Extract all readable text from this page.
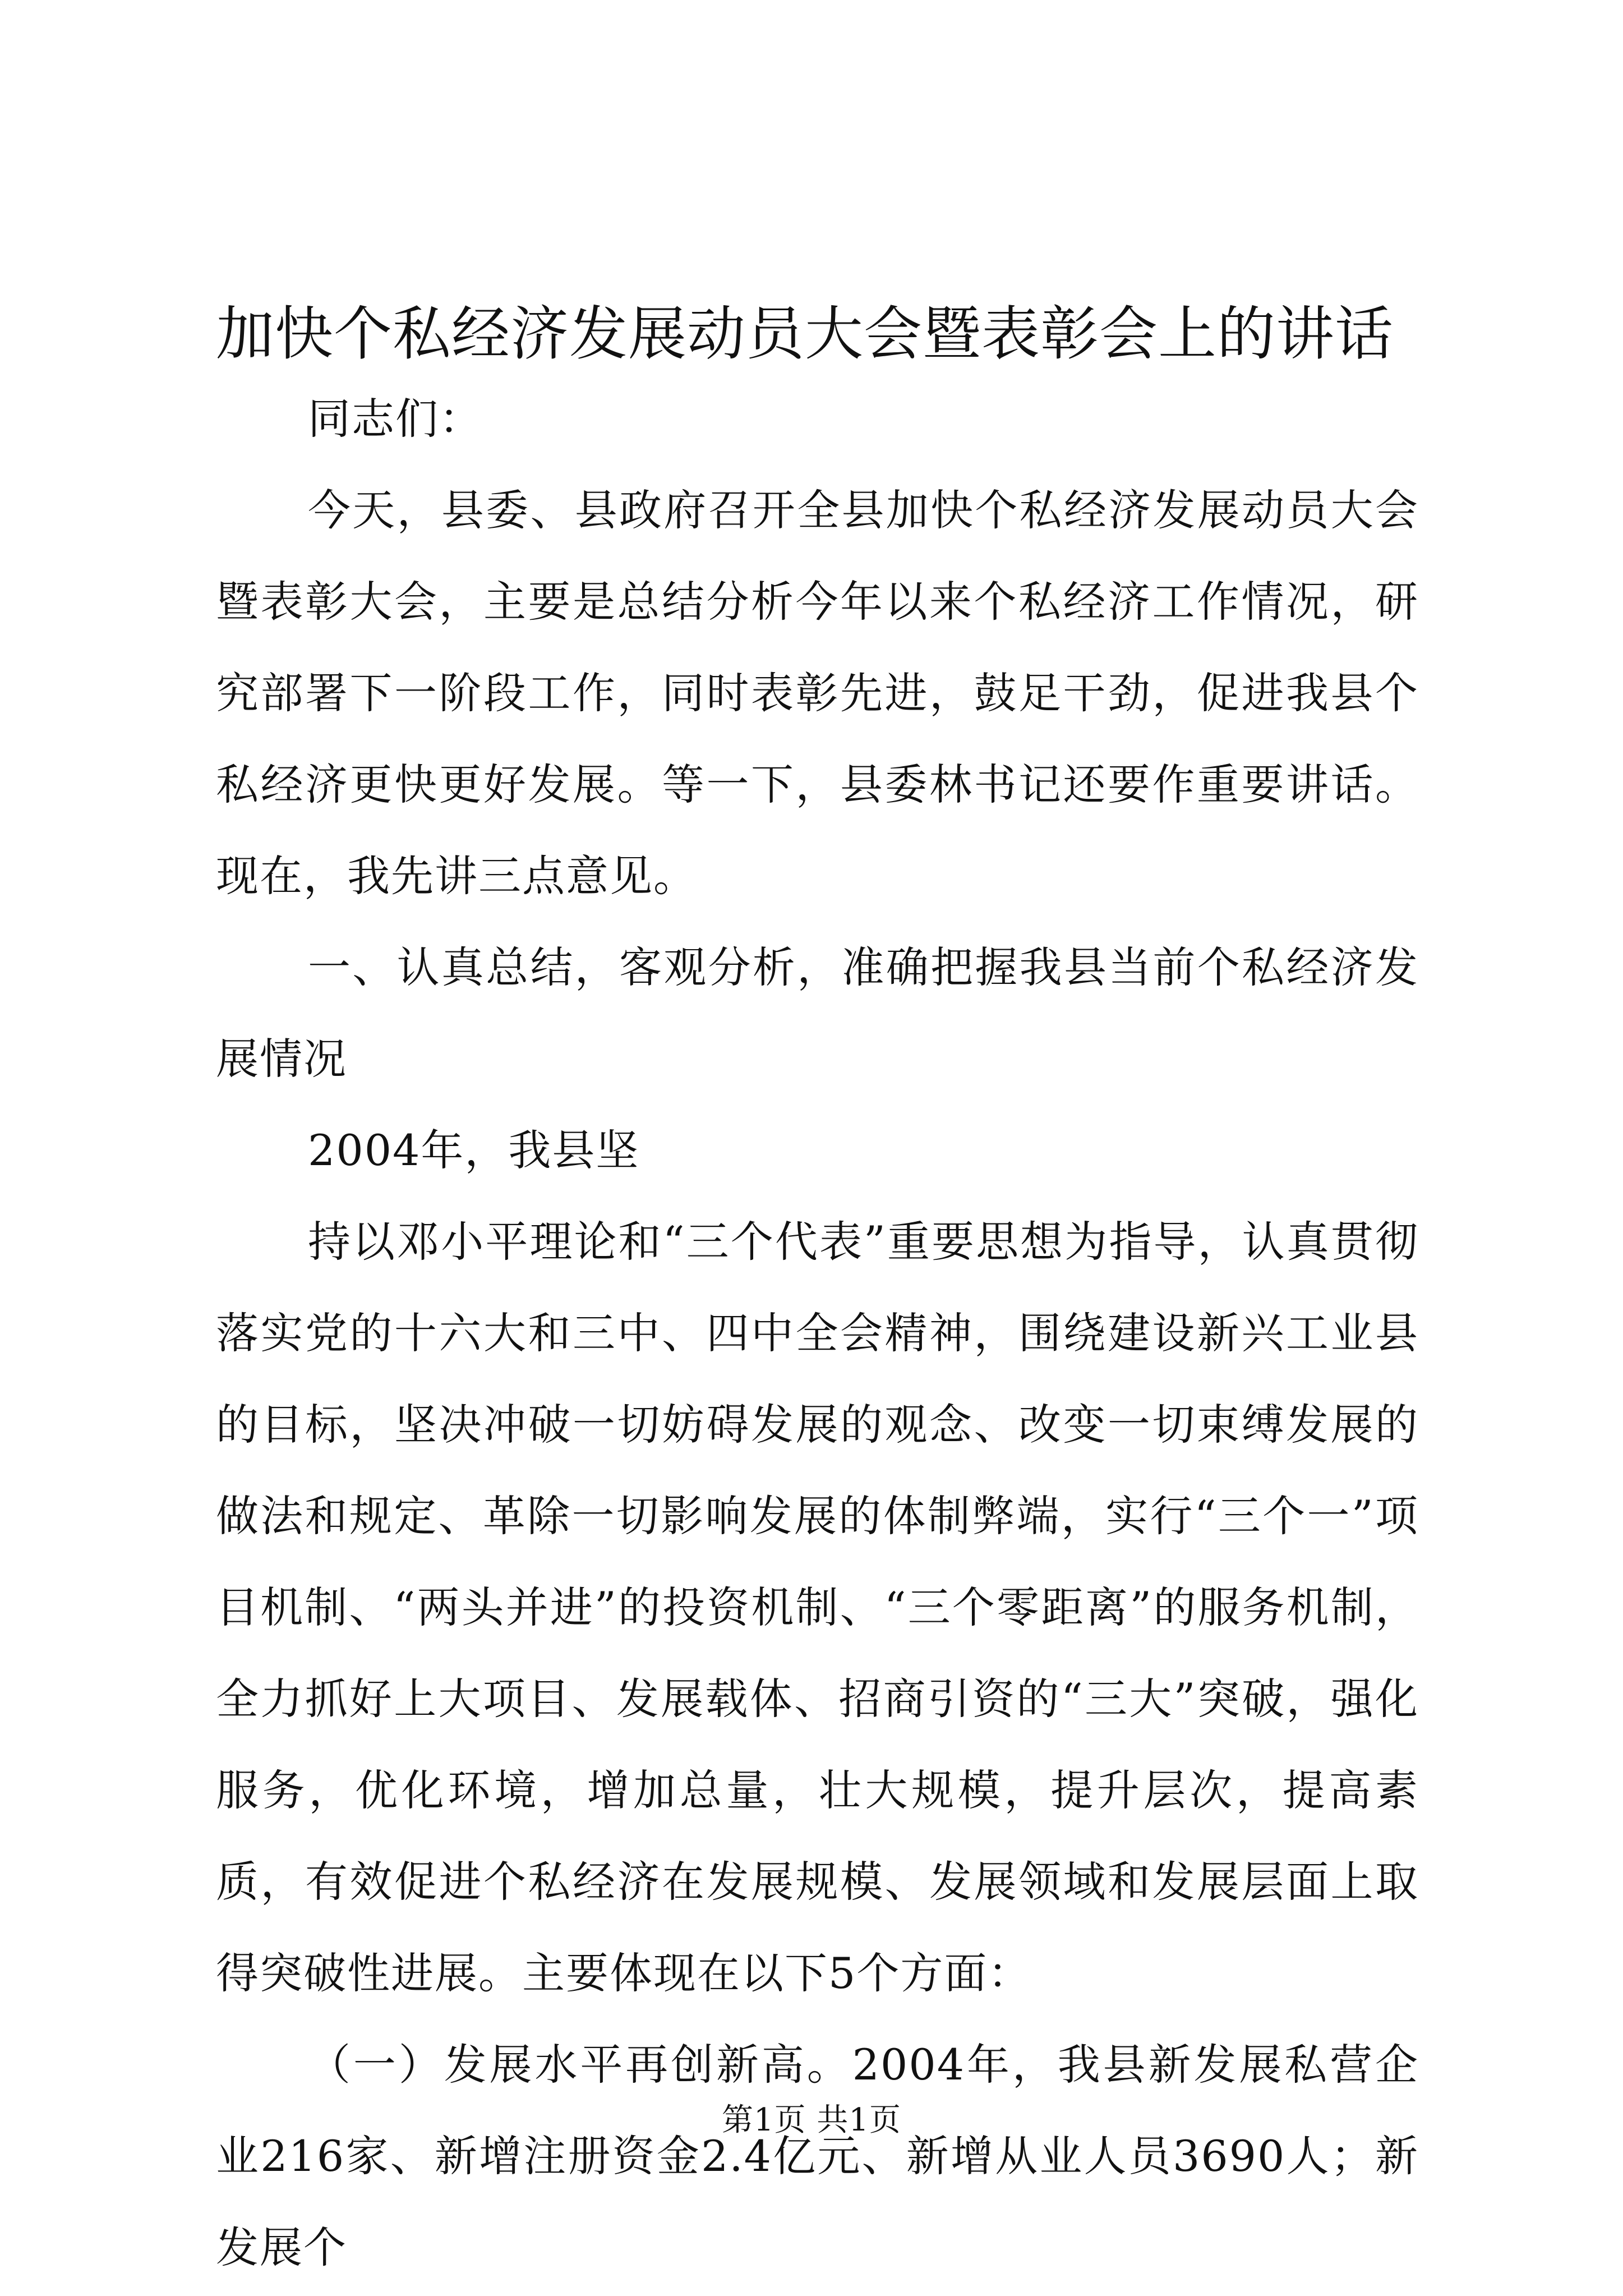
加快个私经济发展动员大会暨表彰会上的讲话

同志们：

今天，县委、县政府召开全县加快个私经济发展动员大会暨表彰大会，主要是总结分析今年以来个私经济工作情况，研究部署下一阶段工作，同时表彰先进，鼓足干劲，促进我县个私经济更快更好发展。等一下，县委林书记还要作重要讲话。现在，我先讲三点意见。

一、认真总结，客观分析，准确把握我县当前个私经济发展情况

2004年，我县坚

持以邓小平理论和“三个代表”重要思想为指导，认真贯彻落实党的十六大和三中、四中全会精神，围绕建设新兴工业县的目标，坚决冲破一切妨碍发展的观念、改变一切束缚发展的做法和规定、革除一切影响发展的体制弊端，实行“三个一”项目机制、“两头并进”的投资机制、“三个零距离”的服务机制，全力抓好上大项目、发展载体、招商引资的“三大”突破，强化服务，优化环境，增加总量，壮大规模，提升层次，提高素质，有效促进个私经济在发展规模、发展领域和发展层面上取得突破性进展。主要体现在以下5个方面：

（一）发展水平再创新高。2004年，我县新发展私营企业216家、新增注册资金2.4亿元、新增从业人员3690人；新发展个

第1页 共1页
